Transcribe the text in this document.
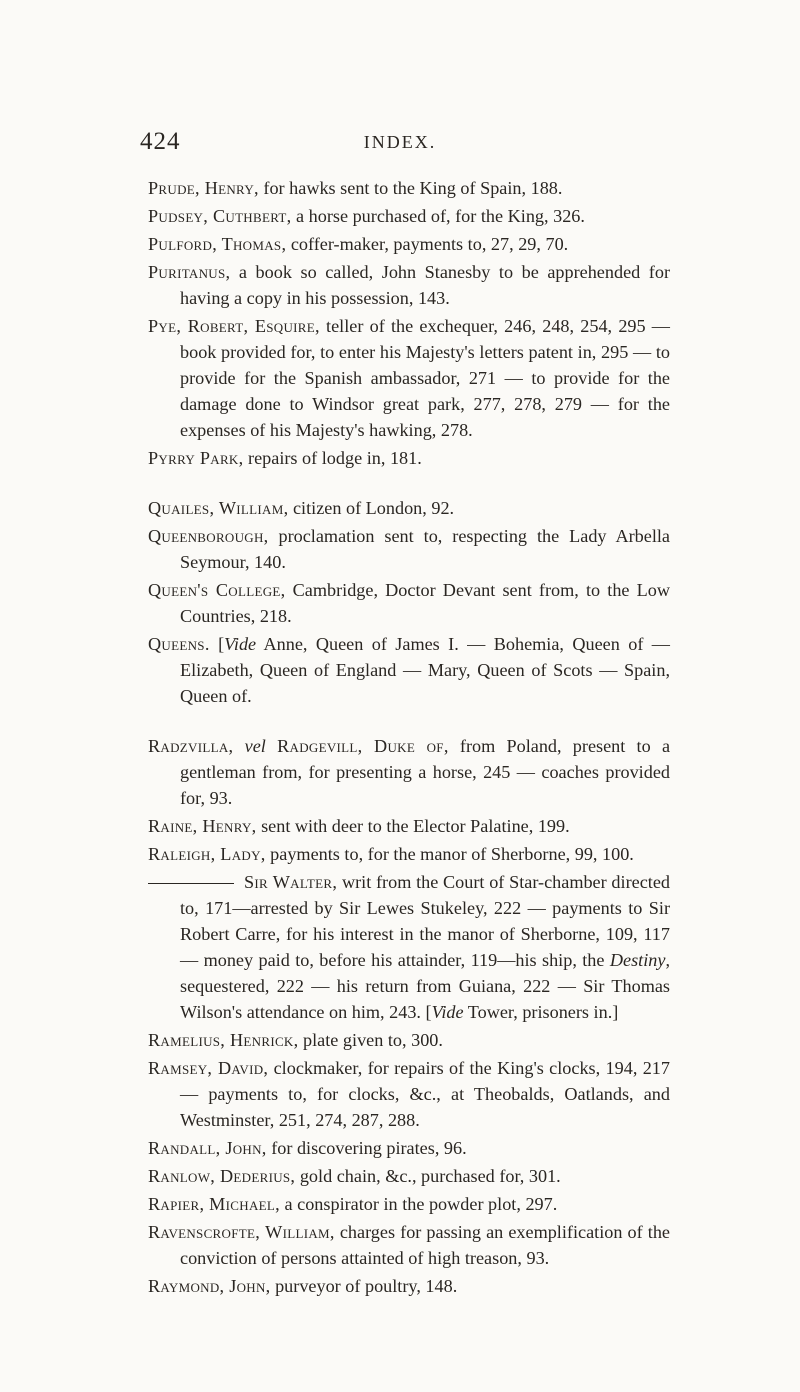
424	INDEX.

Prude, Henry, for hawks sent to the King of Spain, 188.

Pudsey, Cuthbert, a horse purchased of, for the King, 326.

Pulford, Thomas, coffer-maker, payments to, 27, 29, 70.

Puritanus, a book so called, John Stanesby to be apprehended for having a copy in his possession, 143.

Pye, Robert, Esquire, teller of the exchequer, 246, 248, 254, 295 — book provided for, to enter his Majesty's letters patent in, 295 — to provide for the Spanish ambassador, 271 — to provide for the damage done to Windsor great park, 277, 278, 279 — for the expenses of his Majesty's hawking, 278.

Pyrry Park, repairs of lodge in, 181.

Quailes, William, citizen of London, 92.

Queenborough, proclamation sent to, respecting the Lady Arbella Seymour, 140.

Queen's College, Cambridge, Doctor Devant sent from, to the Low Countries, 218.

Queens. [Vide Anne, Queen of James I. — Bohemia, Queen of — Elizabeth, Queen of England — Mary, Queen of Scots — Spain, Queen of.

Radzvilla, vel Radgevill, Duke of, from Poland, present to a gentleman from, for presenting a horse, 245 — coaches provided for, 93.

Raine, Henry, sent with deer to the Elector Palatine, 199.

Raleigh, Lady, payments to, for the manor of Sherborne, 99, 100.

Sir Walter, writ from the Court of Star-chamber directed to, 171—arrested by Sir Lewes Stukeley, 222 — payments to Sir Robert Carre, for his interest in the manor of Sherborne, 109, 117 — money paid to, before his attainder, 119—his ship, the Destiny, sequestered, 222 — his return from Guiana, 222 — Sir Thomas Wilson's attendance on him, 243. [Vide Tower, prisoners in.]

Ramelius, Henrick, plate given to, 300.

Ramsey, David, clockmaker, for repairs of the King's clocks, 194, 217 — payments to, for clocks, &c., at Theobalds, Oatlands, and Westminster, 251, 274, 287, 288.

Randall, John, for discovering pirates, 96.

Ranlow, Dederius, gold chain, &c., purchased for, 301.

Rapier, Michael, a conspirator in the powder plot, 297.

Ravenscrofte, William, charges for passing an exemplification of the conviction of persons attainted of high treason, 93.

Raymond, John, purveyor of poultry, 148.
